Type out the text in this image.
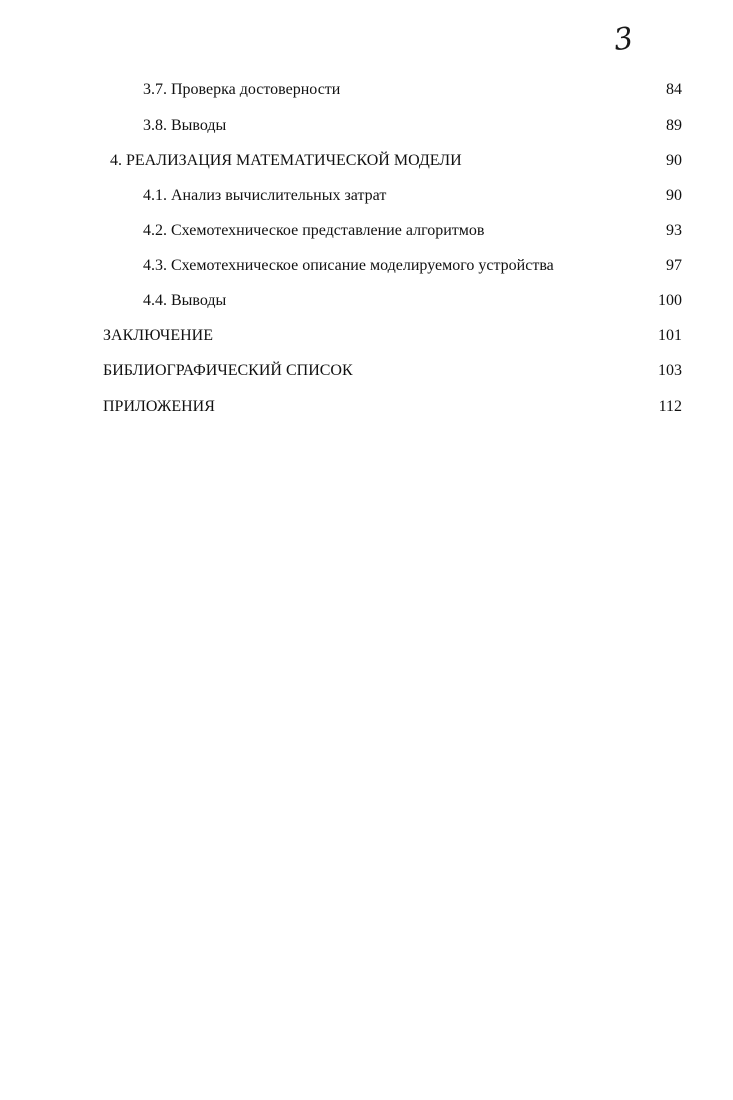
3
3.7. Проверка достоверности	84
3.8. Выводы	89
4. РЕАЛИЗАЦИЯ МАТЕМАТИЧЕСКОЙ МОДЕЛИ	90
4.1. Анализ вычислительных затрат	90
4.2. Схемотехническое представление алгоритмов	93
4.3. Схемотехническое описание моделируемого устройства	97
4.4. Выводы	100
ЗАКЛЮЧЕНИЕ	101
БИБЛИОГРАФИЧЕСКИЙ СПИСОК	103
ПРИЛОЖЕНИЯ	112
